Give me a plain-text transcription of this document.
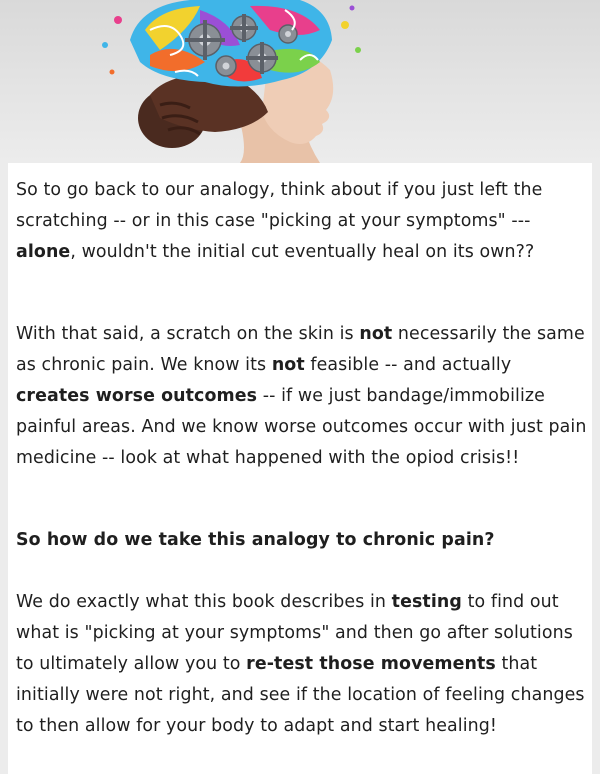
So to go back to our analogy, think about if you just left the scratching -- or in this case "picking at your symptoms" --- alone, wouldn't the initial cut eventually heal on its own??

With that said, a scratch on the skin is not necessarily the same as chronic pain. We know its not feasible -- and actually creates worse outcomes -- if we just bandage/immobilize painful areas. And we know worse outcomes occur with just pain medicine -- look at what happened with the opiod crisis!!

So how do we take this analogy to chronic pain?

We do exactly what this book describes in testing to find out what is "picking at your symptoms" and then go after solutions to ultimately allow you to re-test those movements that initially were not right, and see if the location of feeling changes to then allow for your body to adapt and start healing!
